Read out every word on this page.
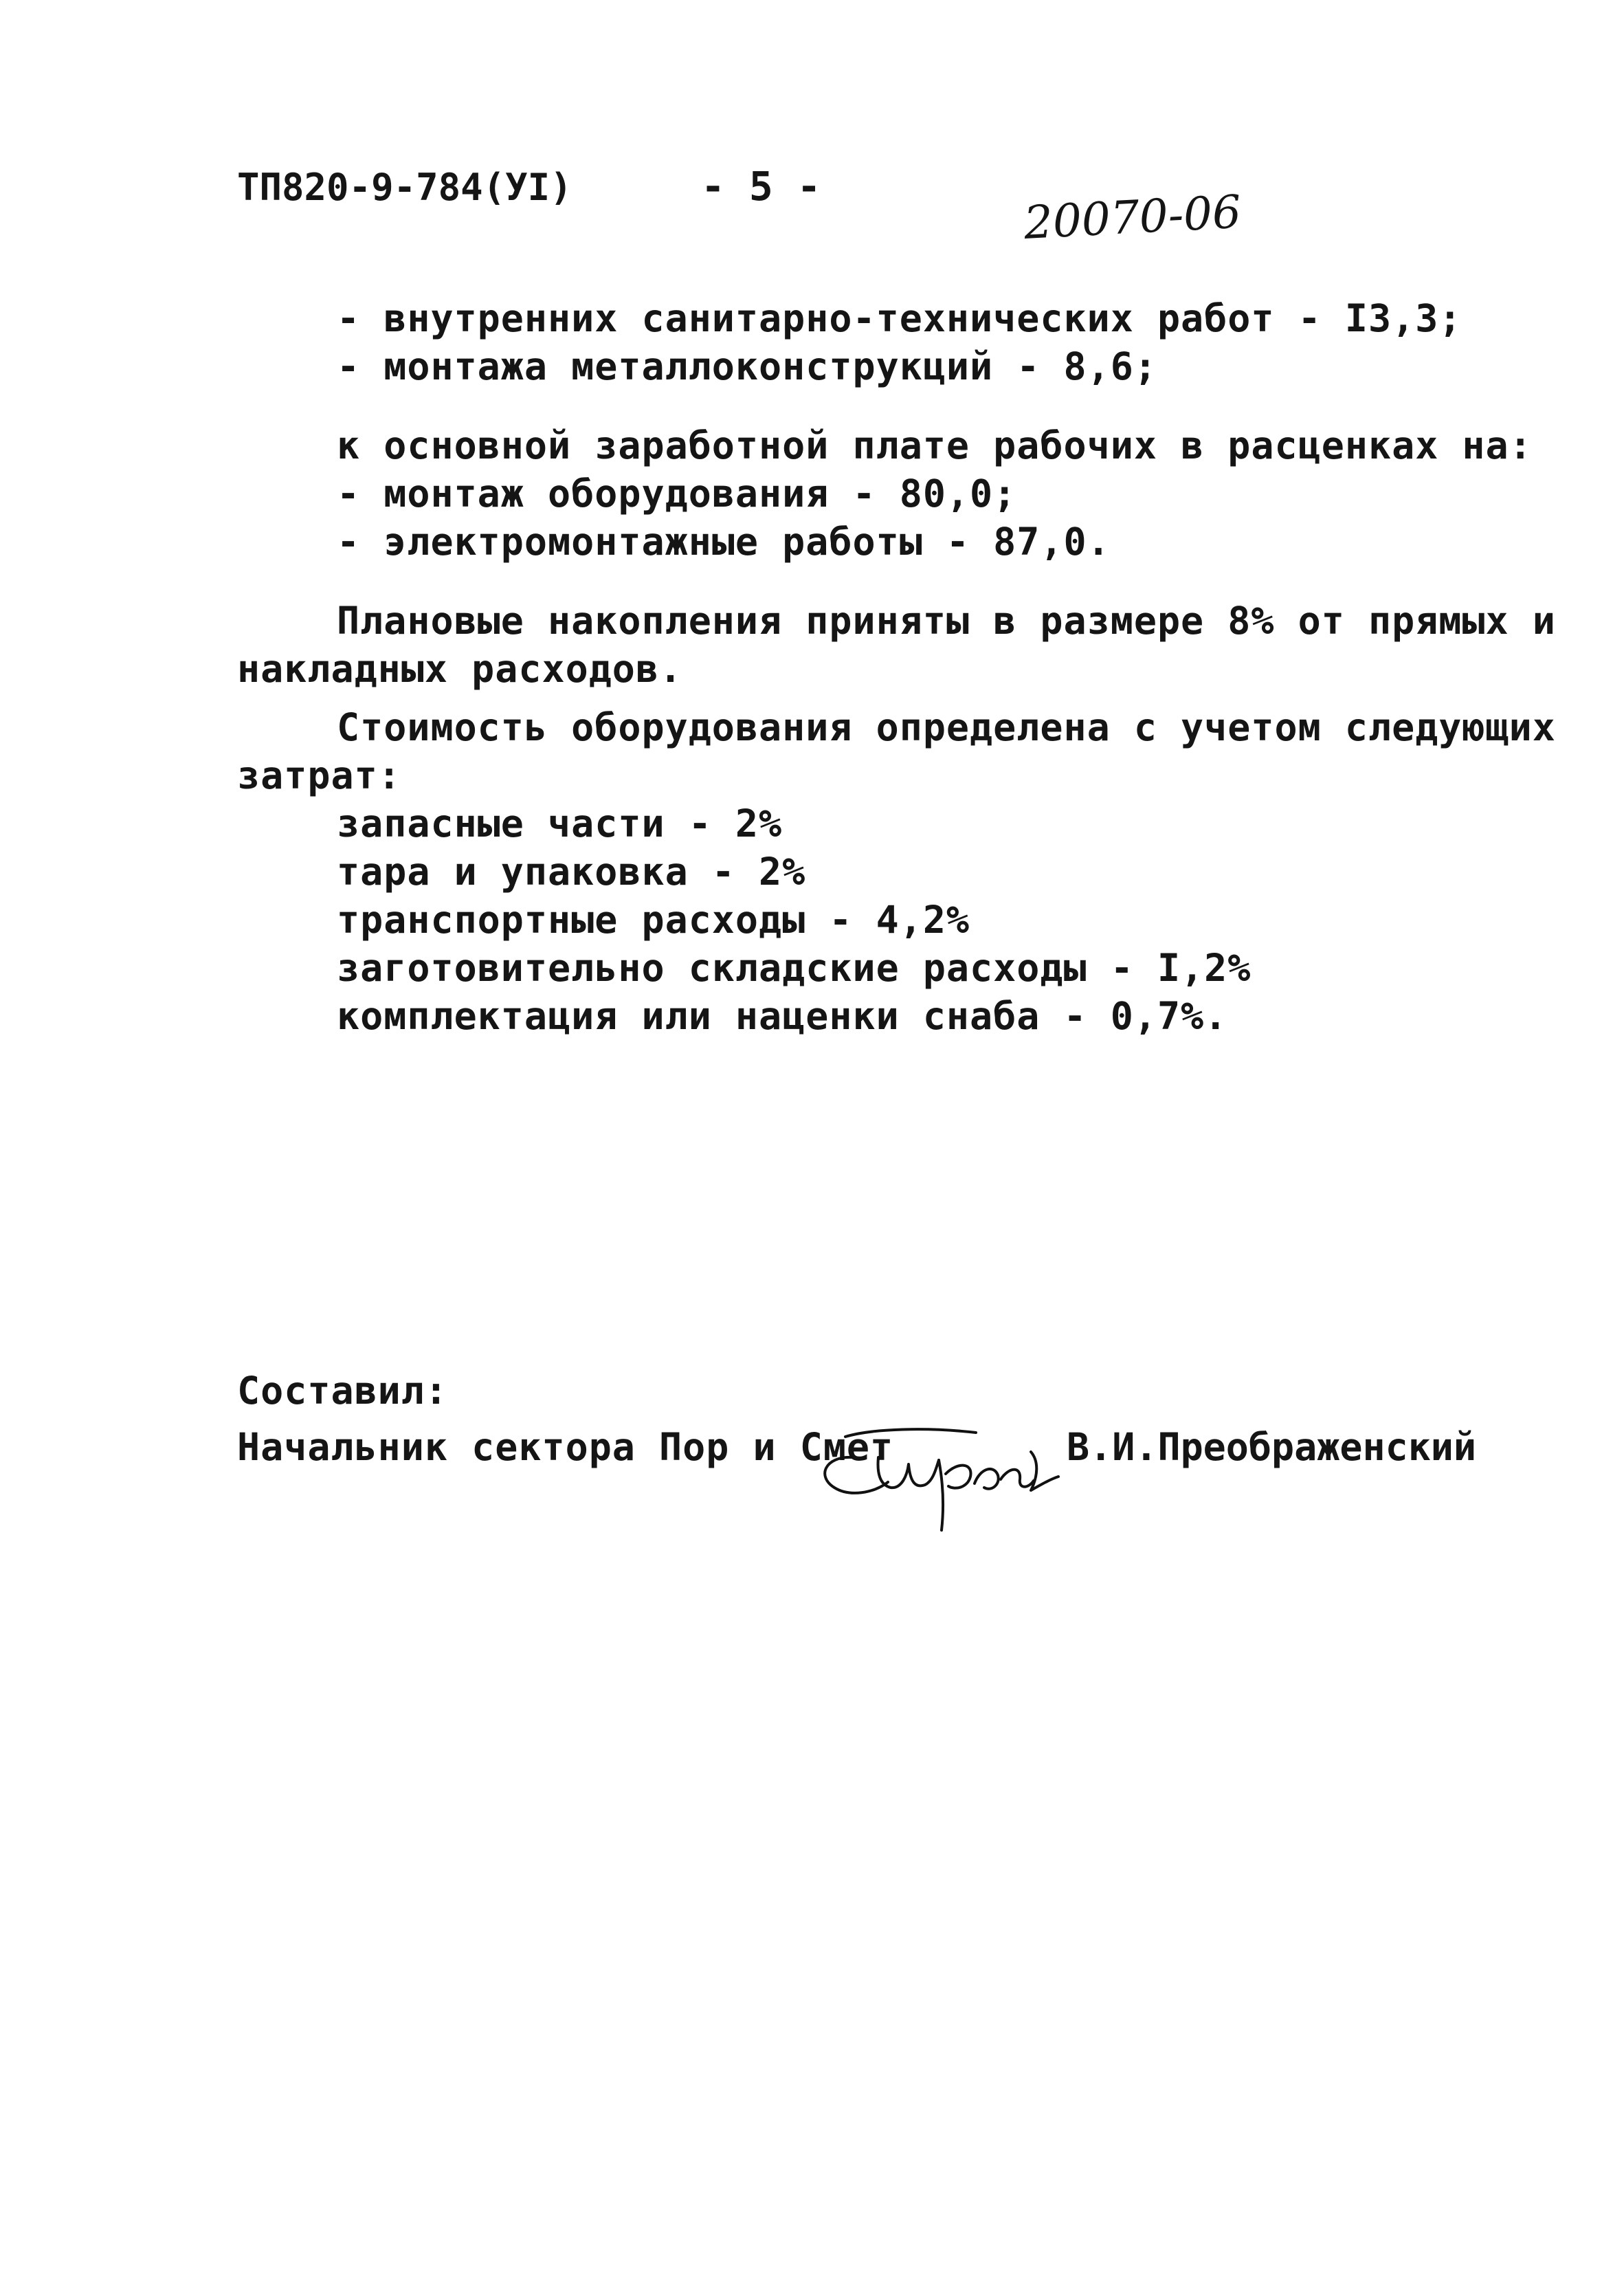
ТП820-9-784(УI)	- 5 -	20070-06
- внутренних санитарно-технических работ - I3,3;
- монтажа металлоконструкций - 8,6;
к основной заработной плате рабочих в расценках на:
- монтаж оборудования - 80,0;
- электромонтажные работы - 87,0.
Плановые накопления приняты в размере 8% от прямых и
накладных расходов.
Стоимость оборудования определена с учетом следующих
затрат:
запасные части - 2%
тара и упаковка - 2%
транспортные расходы - 4,2%
заготовительно складские расходы - I,2%
комплектация или наценки снаба - 0,7%.
Составил:
Начальник сектора Пор и Смет	В.И.Преображенский
